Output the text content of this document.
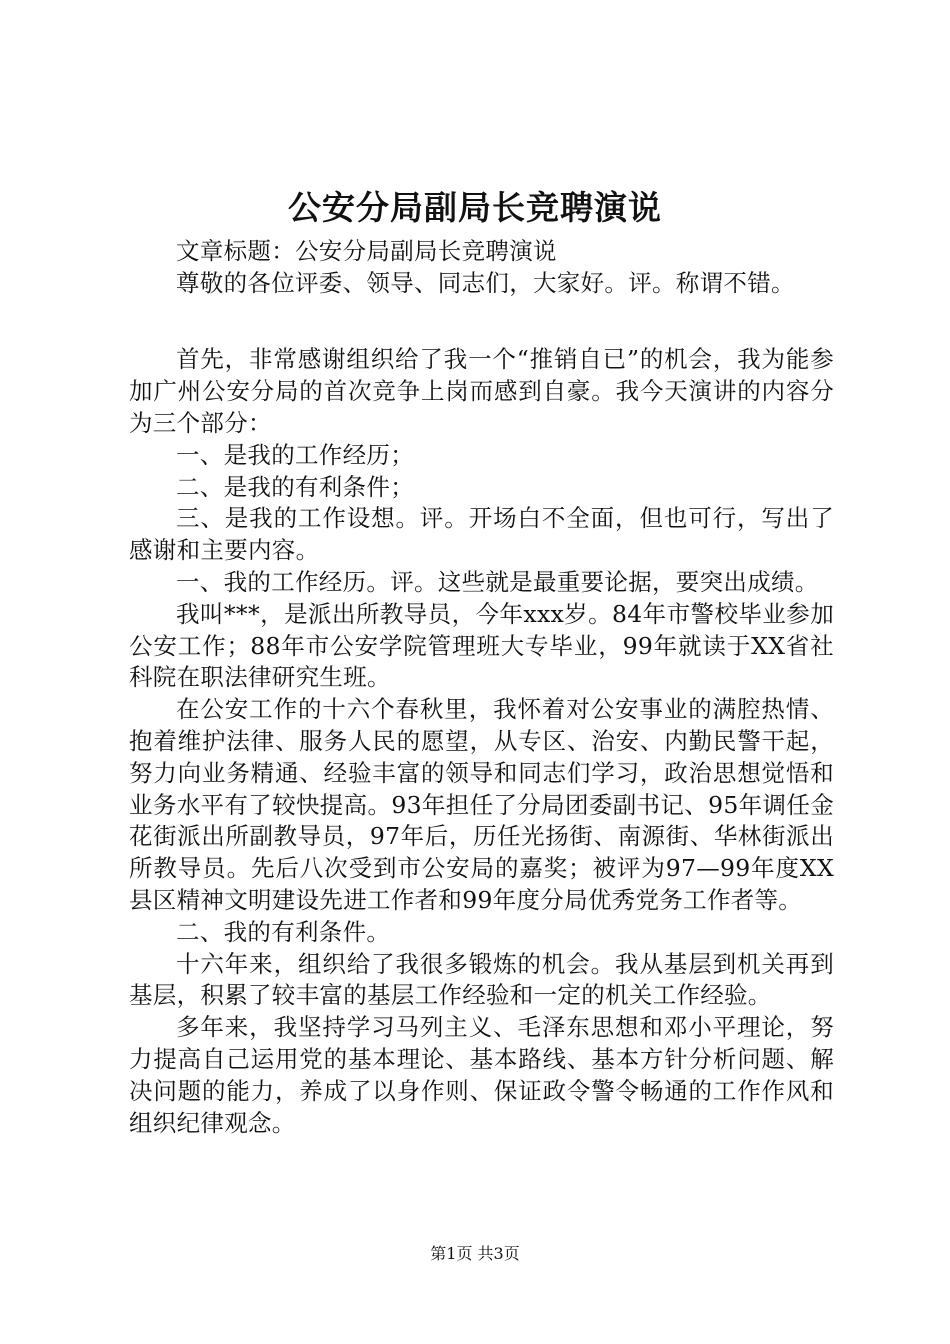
公安分局副局长竞聘演说

文章标题：公安分局副局长竞聘演说

尊敬的各位评委、领导、同志们，大家好。评。称谓不错。

首先，非常感谢组织给了我一个“推销自已”的机会，我为能参加广州公安分局的首次竞争上岗而感到自豪。我今天演讲的内容分为三个部分：

一、是我的工作经历；

二、是我的有利条件；

三、是我的工作设想。评。开场白不全面，但也可行，写出了感谢和主要内容。

一、我的工作经历。评。这些就是最重要论据，要突出成绩。

我叫***，是派出所教导员，今年xxx岁。84年市警校毕业参加公安工作；88年市公安学院管理班大专毕业，99年就读于XX省社科院在职法律研究生班。

在公安工作的十六个春秋里，我怀着对公安事业的满腔热情、抱着维护法律、服务人民的愿望，从专区、治安、内勤民警干起，努力向业务精通、经验丰富的领导和同志们学习，政治思想觉悟和业务水平有了较快提高。93年担任了分局团委副书记、95年调任金花街派出所副教导员，97年后，历任光扬街、南源街、华林街派出所教导员。先后八次受到市公安局的嘉奖；被评为97—99年度XX县区精神文明建设先进工作者和99年度分局优秀党务工作者等。

二、我的有利条件。

十六年来，组织给了我很多锻炼的机会。我从基层到机关再到基层，积累了较丰富的基层工作经验和一定的机关工作经验。

多年来，我坚持学习马列主义、毛泽东思想和邓小平理论，努力提高自己运用党的基本理论、基本路线、基本方针分析问题、解决问题的能力，养成了以身作则、保证政令警令畅通的工作作风和组织纪律观念。

第1页 共3页
